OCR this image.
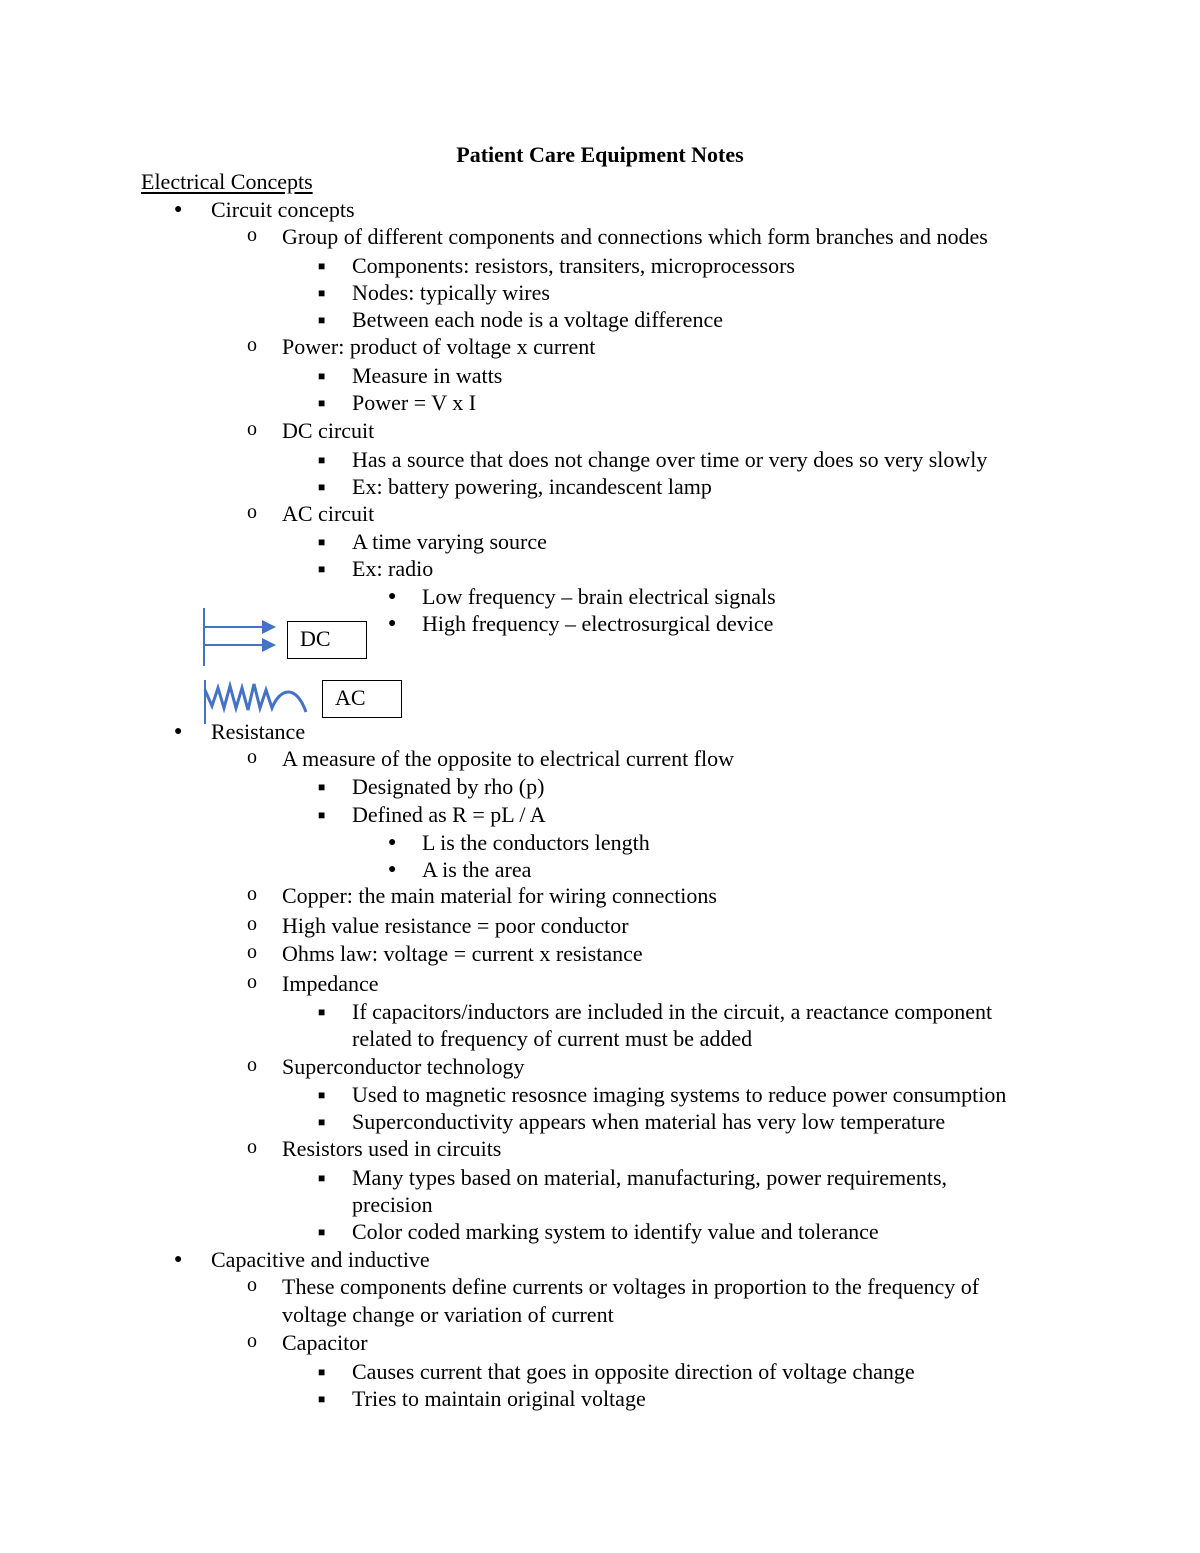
Patient Care Equipment Notes
Electrical Concepts
● Circuit concepts
o Group of different components and connections which form branches and nodes
■ Components: resistors, transiters, microprocessors
■ Nodes: typically wires
■ Between each node is a voltage difference
o Power: product of voltage x current
■ Measure in watts
■ Power = V x I
o DC circuit
■ Has a source that does not change over time or very does so very slowly
■ Ex: battery powering, incandescent lamp
o AC circuit
■ A time varying source
■ Ex: radio
● Low frequency – brain electrical signals
● High frequency – electrosurgical device
● Resistance
o A measure of the opposite to electrical current flow
■ Designated by rho (p)
■ Defined as R = pL / A
● L is the conductors length
● A is the area
o Copper: the main material for wiring connections
o High value resistance = poor conductor
o Ohms law: voltage = current x resistance
o Impedance
■ If capacitors/inductors are included in the circuit, a reactance component
related to frequency of current must be added
o Superconductor technology
■ Used to magnetic resosnce imaging systems to reduce power consumption
■ Superconductivity appears when material has very low temperature
o Resistors used in circuits
■ Many types based on material, manufacturing, power requirements,
precision
■ Color coded marking system to identify value and tolerance
● Capacitive and inductive
o These components define currents or voltages in proportion to the frequency of
voltage change or variation of current
o Capacitor
■ Causes current that goes in opposite direction of voltage change
■ Tries to maintain original voltage
DC
AC
